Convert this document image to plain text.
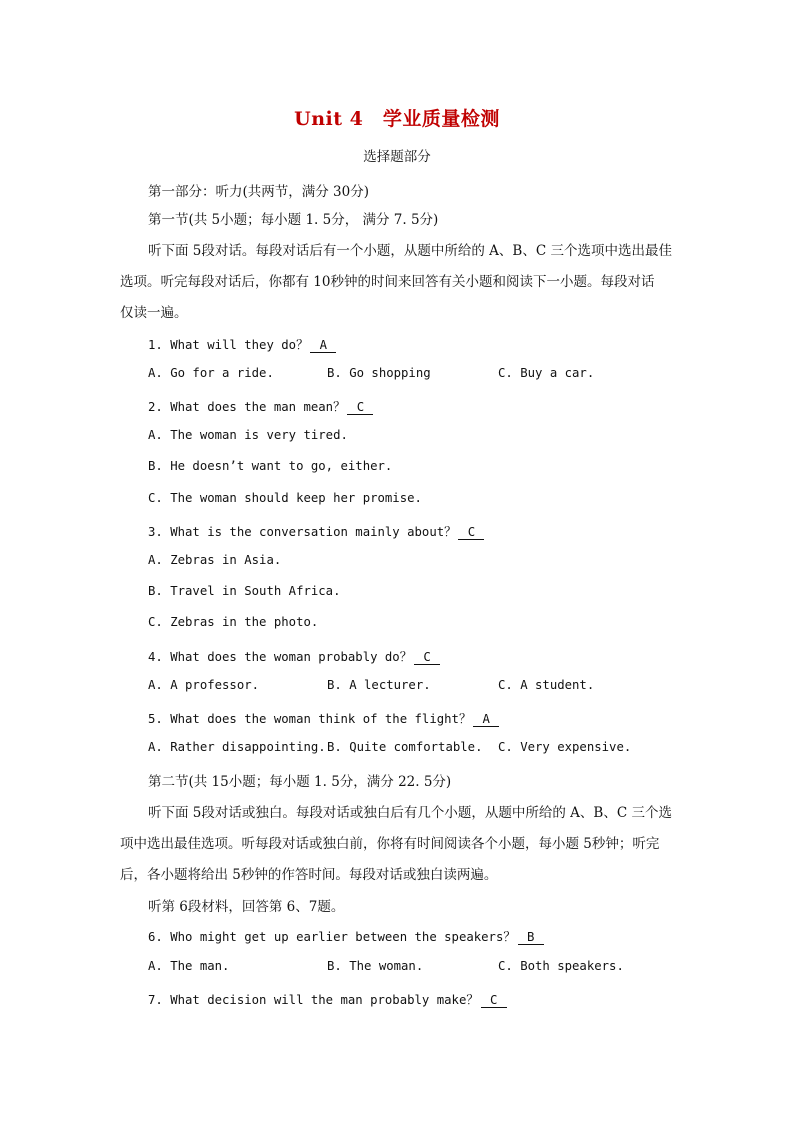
Unit 4　学业质量检测
选择题部分
第一部分：听力(共两节，满分 30分)
第一节(共 5小题；每小题 1. 5分， 满分 7. 5分)
听下面 5段对话。每段对话后有一个小题，从题中所给的 A、B、C 三个选项中选出最佳
选项。听完每段对话后，你都有 10秒钟的时间来回答有关小题和阅读下一小题。每段对话
仅读一遍。
1. What will they do？ A
A. Go for a ride.	B. Go shopping	C. Buy a car.
2. What does the man mean？ C
A. The woman is very tired.
B. He doesn’t want to go, either.
C. The woman should keep her promise.
3. What is the conversation mainly about？ C
A. Zebras in Asia.
B. Travel in South Africa.
C. Zebras in the photo.
4. What does the woman probably do？ C
A. A professor.	B. A lecturer.	C. A student.
5. What does the woman think of the flight？ A
A. Rather disappointing. B. Quite comfortable. C. Very expensive.
第二节(共 15小题；每小题 1. 5分，满分 22. 5分)
听下面 5段对话或独白。每段对话或独白后有几个小题，从题中所给的 A、B、C 三个选
项中选出最佳选项。听每段对话或独白前，你将有时间阅读各个小题，每小题 5秒钟；听完
后，各小题将给出 5秒钟的作答时间。每段对话或独白读两遍。
听第 6段材料，回答第 6、7题。
6. Who might get up earlier between the speakers？ B
A. The man.	B. The woman.	C. Both speakers.
7. What decision will the man probably make？ C
